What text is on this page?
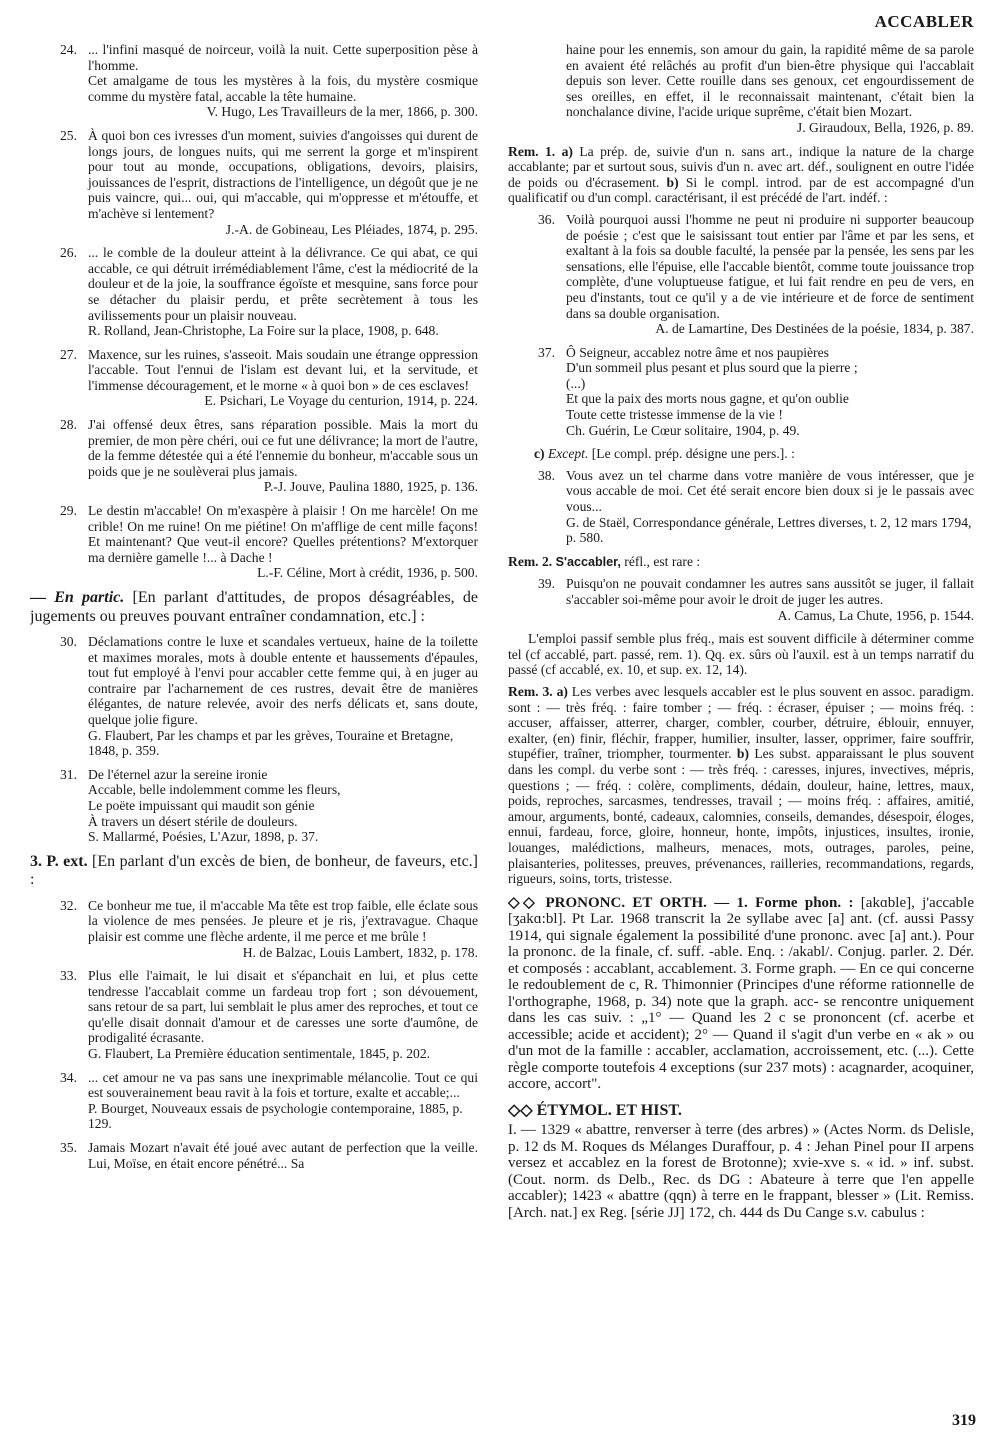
ACCABLER
24. ... l'infini masqué de noirceur, voilà la nuit. Cette superposition pèse à l'homme.

Cet amalgame de tous les mystères à la fois, du mystère cosmique comme du mystère fatal, accable la tête humaine.

V. Hugo, Les Travailleurs de la mer, 1866, p. 300.

25. À quoi bon ces ivresses d'un moment, suivies d'angoisses qui durent de longs jours, de longues nuits, qui me serrent la gorge et m'inspirent pour tout au monde, occupations, obligations, devoirs, plaisirs, jouissances de l'esprit, distractions de l'intelligence, un dégoût que je ne puis vaincre, qui... oui, qui m'accable, qui m'oppresse et m'étouffe, et m'achève si lentement?

J.-A. de Gobineau, Les Pléiades, 1874, p. 295.

26. ... le comble de la douleur atteint à la délivrance. Ce qui abat, ce qui accable, ce qui détruit irrémédiablement l'âme, c'est la médiocrité de la douleur et de la joie, la souffrance égoïste et mesquine, sans force pour se détacher du plaisir perdu, et prête secrètement à tous les avilissements pour un plaisir nouveau.

R. Rolland, Jean-Christophe, La Foire sur la place, 1908, p. 648.

27. Maxence, sur les ruines, s'asseoit. Mais soudain une étrange oppression l'accable. Tout l'ennui de l'islam est devant lui, et la servitude, et l'immense découragement, et le morne « à quoi bon » de ces esclaves!

E. Psichari, Le Voyage du centurion, 1914, p. 224.

28. J'ai offensé deux êtres, sans réparation possible. Mais la mort du premier, de mon père chéri, oui ce fut une délivrance; la mort de l'autre, de la femme détestée qui a été l'ennemie du bonheur, m'accable sous un poids que je ne soulèverai plus jamais.

P.-J. Jouve, Paulina 1880, 1925, p. 136.

29. Le destin m'accable! On m'exaspère à plaisir ! On me harcèle! On me crible! On me ruine! On me piétine! On m'afflige de cent mille façons! Et maintenant? Que veut-il encore? Quelles prétentions? M'extorquer ma dernière gamelle !... à Dache !

L.-F. Céline, Mort à crédit, 1936, p. 500.

— En partic. [En parlant d'attitudes, de propos désagréables, de jugements ou preuves pouvant entraîner condamnation, etc.] :
30. Déclamations contre le luxe et scandales vertueux, haine de la toilette et maximes morales, mots à double entente et haussements d'épaules, tout fut employé à l'envi pour accabler cette femme qui, à en juger au contraire par l'acharnement de ces rustres, devait être de manières élégantes, de nature relevée, avoir des nerfs délicats et, sans doute, quelque jolie figure.

G. Flaubert, Par les champs et par les grèves, Touraine et Bretagne, 1848, p. 359.

31. De l'éternel azur la sereine ironie

Accable, belle indolemment comme les fleurs,

Le poëte impuissant qui maudit son génie

À travers un désert stérile de douleurs.

S. Mallarmé, Poésies, L'Azur, 1898, p. 37.

3. P. ext. [En parlant d'un excès de bien, de bonheur, de faveurs, etc.] :
32. Ce bonheur me tue, il m'accable Ma tête est trop faible, elle éclate sous la violence de mes pensées. Je pleure et je ris, j'extravague. Chaque plaisir est comme une flèche ardente, il me perce et me brûle !

H. de Balzac, Louis Lambert, 1832, p. 178.

33. Plus elle l'aimait, le lui disait et s'épanchait en lui, et plus cette tendresse l'accablait comme un fardeau trop fort ; son dévouement, sans retour de sa part, lui semblait le plus amer des reproches, et tout ce qu'elle disait donnait d'amour et de caresses une sorte d'aumône, de prodigalité écrasante.

G. Flaubert, La Première éducation sentimentale, 1845, p. 202.

34. ... cet amour ne va pas sans une inexprimable mélancolie. Tout ce qui est souverainement beau ravit à la fois et torture, exalte et accable;...

P. Bourget, Nouveaux essais de psychologie contemporaine, 1885, p. 129.

35. Jamais Mozart n'avait été joué avec autant de perfection que la veille. Lui, Moïse, en était encore pénétré... Sa

haine pour les ennemis, son amour du gain, la rapidité même de sa parole en avaient été relâchés au profit d'un bien-être physique qui l'accablait depuis son lever. Cette rouille dans ses genoux, cet engourdissement de ses oreilles, en effet, il le reconnaissait maintenant, c'était bien la nonchalance divine, l'acide urique suprême, c'était bien Mozart.

J. Giraudoux, Bella, 1926, p. 89.

Rem. 1. a) La prép. de, suivie d'un n. sans art., indique la nature de la charge accablante; par et surtout sous, suivis d'un n. avec art. déf., soulignent en outre l'idée de poids ou d'écrasement. b) Si le compl. introd. par de est accompagné d'un qualificatif ou d'un compl. caractérisant, il est précédé de l'art. indéf. :
36. Voilà pourquoi aussi l'homme ne peut ni produire ni supporter beaucoup de poésie ; c'est que le saisissant tout entier par l'âme et par les sens, et exaltant à la fois sa double faculté, la pensée par la pensée, les sens par les sensations, elle l'épuise, elle l'accable bientôt, comme toute jouissance trop complète, d'une voluptueuse fatigue, et lui fait rendre en peu de vers, en peu d'instants, tout ce qu'il y a de vie intérieure et de force de sentiment dans sa double organisation.

A. de Lamartine, Des Destinées de la poésie, 1834, p. 387.

37. Ô Seigneur, accablez notre âme et nos paupières

D'un sommeil plus pesant et plus sourd que la pierre ;

(...)

Et que la paix des morts nous gagne, et qu'on oublie

Toute cette tristesse immense de la vie !

Ch. Guérin, Le Cœur solitaire, 1904, p. 49.

c) Except. [Le compl. prép. désigne une pers.]. :
38. Vous avez un tel charme dans votre manière de vous intéresser, que je vous accable de moi. Cet été serait encore bien doux si je le passais avec vous...

G. de Staël, Correspondance générale, Lettres diverses, t. 2, 12 mars 1794, p. 580.

Rem. 2. S'accabler, réfl., est rare :
39. Puisqu'on ne pouvait condamner les autres sans aussitôt se juger, il fallait s'accabler soi-même pour avoir le droit de juger les autres.

A. Camus, La Chute, 1956, p. 1544.

L'emploi passif semble plus fréq., mais est souvent difficile à déterminer comme tel (cf accablé, part. passé, rem. 1). Qq. ex. sûrs où l'auxil. est à un temps narratif du passé (cf accablé, ex. 10, et sup. ex. 12, 14).

Rem. 3. a) Les verbes avec lesquels accabler est le plus souvent en assoc. paradigm. sont : — très fréq. : faire tomber ; — fréq. : écraser, épuiser ; — moins fréq. : accuser, affaisser, atterrer, charger, combler, courber, détruire, éblouir, ennuyer, exalter, (en) finir, fléchir, frapper, humilier, insulter, lasser, opprimer, faire souffrir, stupéfier, traîner, triompher, tourmenter. b) Les subst. apparaissant le plus souvent dans les compl. du verbe sont : — très fréq. : caresses, injures, invectives, mépris, questions ; — fréq. : colère, compliments, dédain, douleur, haine, lettres, maux, poids, reproches, sarcasmes, tendresses, travail ; — moins fréq. : affaires, amitié, amour, arguments, bonté, cadeaux, calomnies, conseils, demandes, désespoir, éloges, ennui, fardeau, force, gloire, honneur, honte, impôts, injustices, insultes, ironie, louanges, malédictions, malheurs, menaces, mots, outrages, paroles, peine, plaisanteries, politesses, preuves, prévenances, railleries, recommandations, regards, rigueurs, soins, torts, tristesse.
◇◇ PRONONC. ET ORTH. — 1. Forme phon. : [akɑble], j'accable [ʒakɑ:bl]. Pt Lar. 1968 transcrit la 2e syllabe avec [a] ant. (cf. aussi Passy 1914, qui signale également la possibilité d'une prononc. avec [a] ant.). Pour la prononc. de la finale, cf. suff. -able. Enq. : /akabl/. Conjug. parler. 2. Dér. et composés : accablant, accablement. 3. Forme graph. — En ce qui concerne le redoublement de c, R. Thimonnier (Principes d'une réforme rationnelle de l'orthographe, 1968, p. 34) note que la graph. acc- se rencontre uniquement dans les cas suiv. : „1° — Quand les 2 c se prononcent (cf. acerbe et accessible; acide et accident); 2° — Quand il s'agit d'un verbe en « ak » ou d'un mot de la famille : accabler, acclamation, accroissement, etc. (...). Cette règle comporte toutefois 4 exceptions (sur 237 mots) : acagnarder, acoquiner, accore, accort".
◇◇ ÉTYMOL. ET HIST.

I. — 1329 « abattre, renverser à terre (des arbres) » (Actes Norm. ds Delisle, p. 12 ds M. Roques ds Mélanges Duraffour, p. 4 : Jehan Pinel pour II arpens versez et accablez en la forest de Brotonne); xvie-xve s. « id. » inf. subst. (Cout. norm. ds Delb., Rec. ds DG : Abateure à terre que l'en appelle accabler); 1423 « abattre (qqn) à terre en le frappant, blesser » (Lit. Remiss. [Arch. nat.] ex Reg. [série JJ] 172, ch. 444 ds Du Cange s.v. cabulus :

319
